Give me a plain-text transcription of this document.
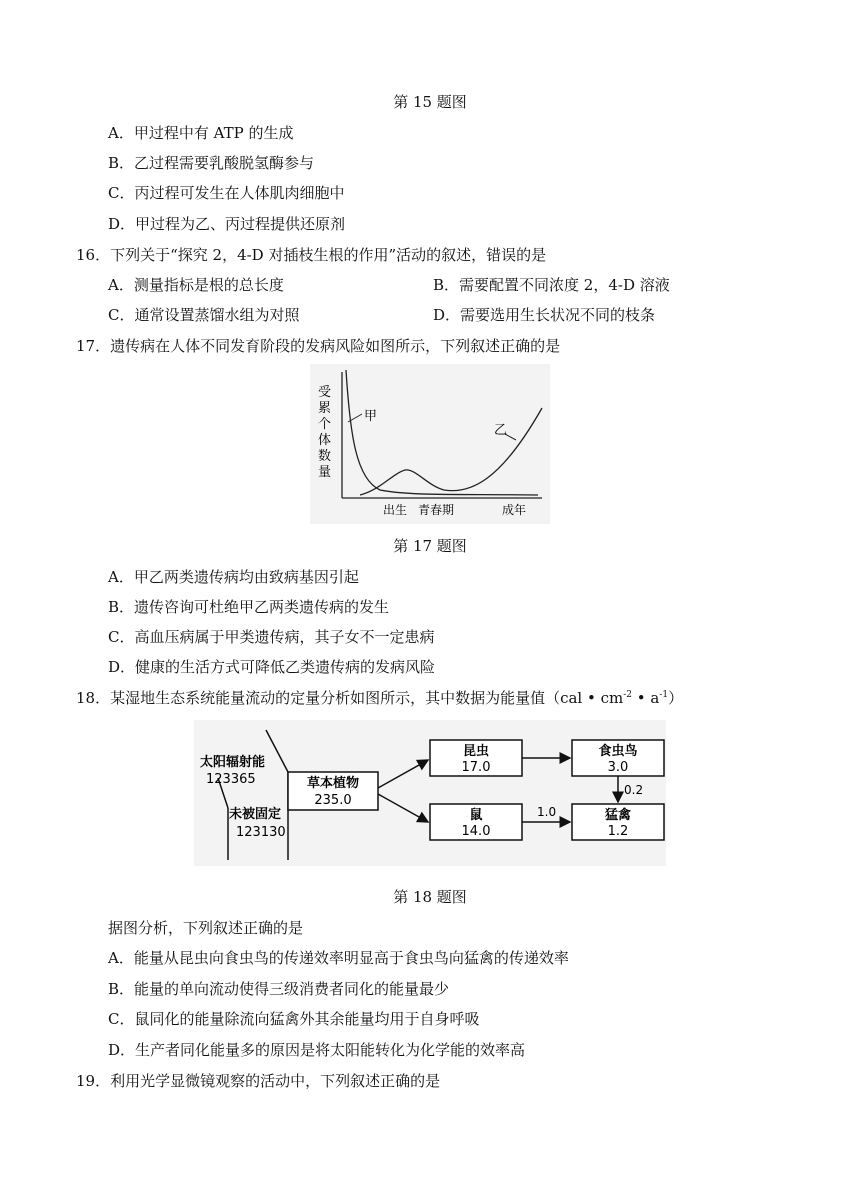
第 15 题图
A．甲过程中有 ATP 的生成
B．乙过程需要乳酸脱氢酶参与
C．丙过程可发生在人体肌肉细胞中
D．甲过程为乙、丙过程提供还原剂
16．下列关于“探究 2，4-D 对插枝生根的作用”活动的叙述，错误的是
A．测量指标是根的总长度	B．需要配置不同浓度 2，4-D 溶液
C．通常设置蒸馏水组为对照	D．需要选用生长状况不同的枝条
17．遗传病在人体不同发育阶段的发病风险如图所示，下列叙述正确的是
受
累
个
体
数
量
甲
乙
出生 青春期	成年
第 17 题图
A．甲乙两类遗传病均由致病基因引起
B．遗传咨询可杜绝甲乙两类遗传病的发生
C．高血压病属于甲类遗传病，其子女不一定患病
D．健康的生活方式可降低乙类遗传病的发病风险
18．某湿地生态系统能量流动的定量分析如图所示，其中数据为能量值（cal • $cm^{-2}$ • $a^{-1}$）
太阳辐射能
123365
未被固定
123130
草本植物
235.0
昆虫
17.0
食虫鸟
3.0
鼠
14.0
猛禽
1.2
0.2
1.0
第 18 题图
据图分析，下列叙述正确的是
A．能量从昆虫向食虫鸟的传递效率明显高于食虫鸟向猛禽的传递效率
B．能量的单向流动使得三级消费者同化的能量最少
C．鼠同化的能量除流向猛禽外其余能量均用于自身呼吸
D．生产者同化能量多的原因是将太阳能转化为化学能的效率高
19．利用光学显微镜观察的活动中，下列叙述正确的是
